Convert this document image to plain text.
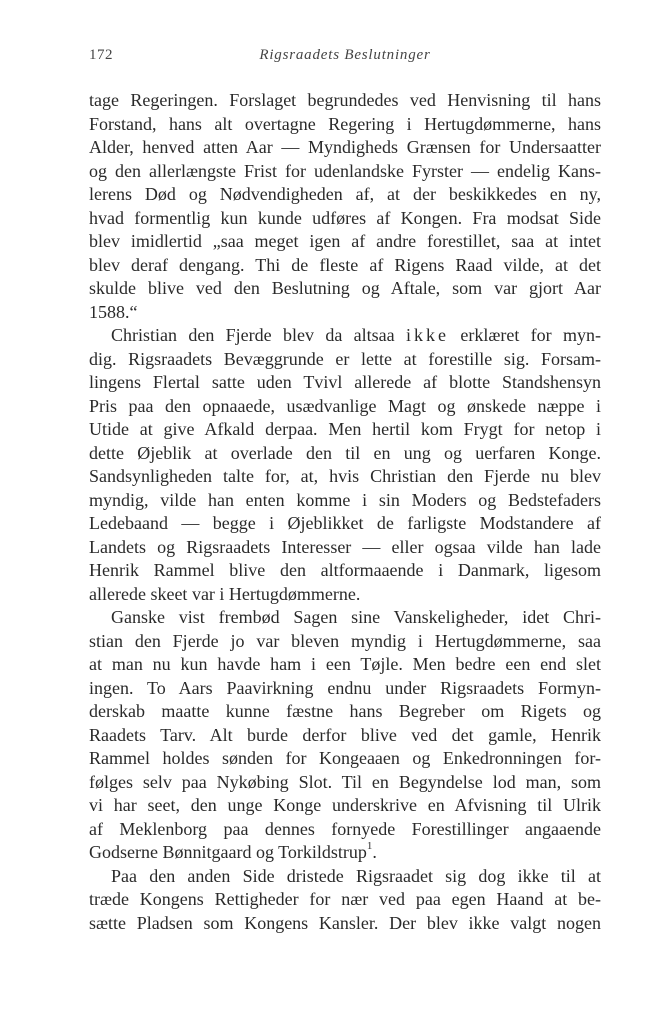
172	Rigsraadets Beslutninger
tage Regeringen. Forslaget begrundedes ved Henvisning til hans
Forstand, hans alt overtagne Regering i Hertugdømmerne, hans
Alder, henved atten Aar — Myndigheds Grænsen for Undersaatter
og den allerlængste Frist for udenlandske Fyrster — endelig Kans-
lerens Død og Nødvendigheden af, at der beskikkedes en ny,
hvad formentlig kun kunde udføres af Kongen. Fra modsat Side
blev imidlertid „saa meget igen af andre forestillet, saa at intet
blev deraf dengang. Thi de fleste af Rigens Raad vilde, at det
skulde blive ved den Beslutning og Aftale, som var gjort Aar
1588.“
Christian den Fjerde blev da altsaa ikke erklæret for myn-
dig. Rigsraadets Bevæggrunde er lette at forestille sig. Forsam-
lingens Flertal satte uden Tvivl allerede af blotte Standshensyn
Pris paa den opnaaede, usædvanlige Magt og ønskede næppe i
Utide at give Afkald derpaa. Men hertil kom Frygt for netop i
dette Øjeblik at overlade den til en ung og uerfaren Konge.
Sandsynligheden talte for, at, hvis Christian den Fjerde nu blev
myndig, vilde han enten komme i sin Moders og Bedstefaders
Ledebaand — begge i Øjeblikket de farligste Modstandere af
Landets og Rigsraadets Interesser — eller ogsaa vilde han lade
Henrik Rammel blive den altformaaende i Danmark, ligesom
allerede skeet var i Hertugdømmerne.
Ganske vist frembød Sagen sine Vanskeligheder, idet Chri-
stian den Fjerde jo var bleven myndig i Hertugdømmerne, saa
at man nu kun havde ham i een Tøjle. Men bedre een end slet
ingen. To Aars Paavirkning endnu under Rigsraadets Formyn-
derskab maatte kunne fæstne hans Begreber om Rigets og
Raadets Tarv. Alt burde derfor blive ved det gamle, Henrik
Rammel holdes sønden for Kongeaaen og Enkedronningen for-
følges selv paa Nykøbing Slot. Til en Begyndelse lod man, som
vi har seet, den unge Konge underskrive en Afvisning til Ulrik
af Meklenborg paa dennes fornyede Forestillinger angaaende
Godserne Bønnitgaard og Torkildstrup$^1$.
Paa den anden Side dristede Rigsraadet sig dog ikke til at
træde Kongens Rettigheder for nær ved paa egen Haand at be-
sætte Pladsen som Kongens Kansler. Der blev ikke valgt nogen
